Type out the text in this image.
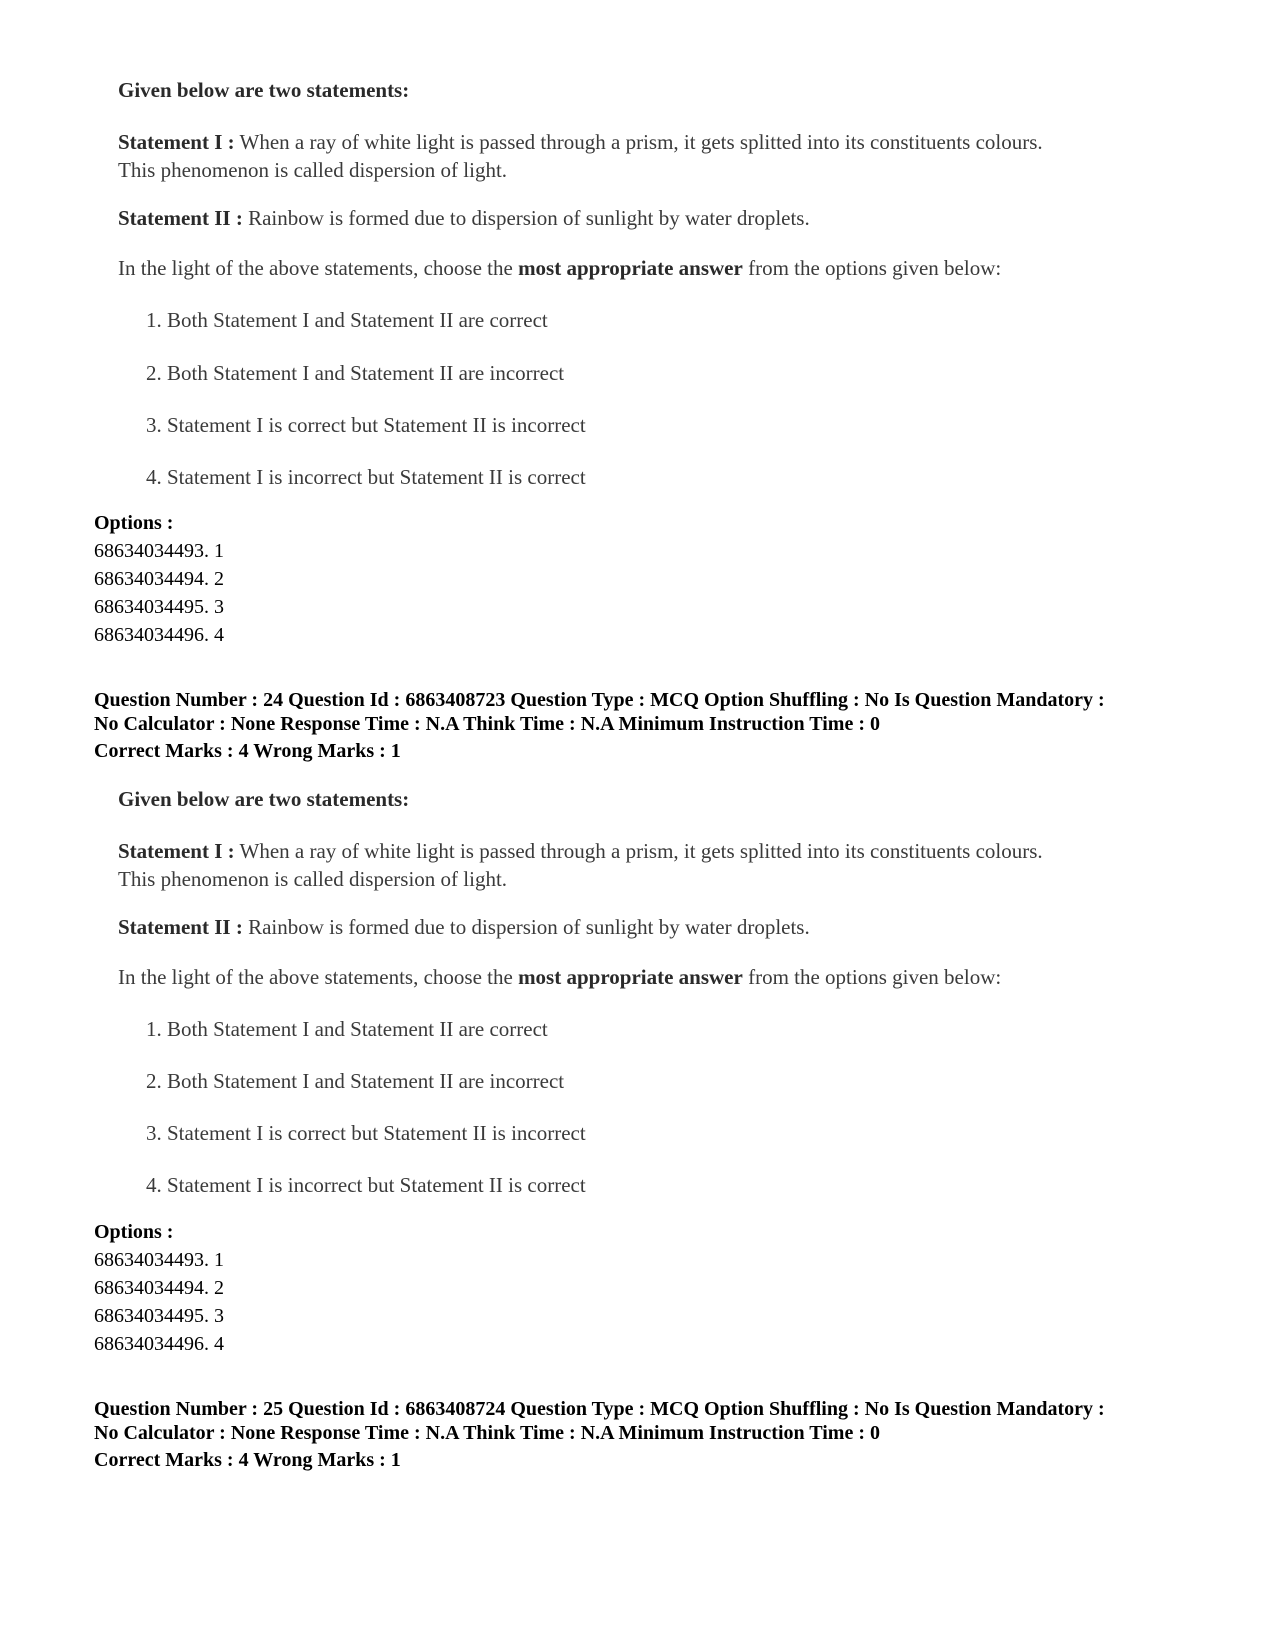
Given below are two statements:

Statement I : When a ray of white light is passed through a prism, it gets splitted into its constituents colours.
This phenomenon is called dispersion of light.

Statement II : Rainbow is formed due to dispersion of sunlight by water droplets.

In the light of the above statements, choose the most appropriate answer from the options given below:

1. Both Statement I and Statement II are correct

2. Both Statement I and Statement II are incorrect

3. Statement I is correct but Statement II is incorrect

4. Statement I is incorrect but Statement II is correct

Options :

68634034493. 1

68634034494. 2

68634034495. 3

68634034496. 4

Question Number : 24 Question Id : 6863408723 Question Type : MCQ Option Shuffling : No Is Question Mandatory :
No Calculator : None Response Time : N.A Think Time : N.A Minimum Instruction Time : 0

Correct Marks : 4 Wrong Marks : 1

Given below are two statements:

Statement I : When a ray of white light is passed through a prism, it gets splitted into its constituents colours.
This phenomenon is called dispersion of light.

Statement II : Rainbow is formed due to dispersion of sunlight by water droplets.

In the light of the above statements, choose the most appropriate answer from the options given below:

1. Both Statement I and Statement II are correct

2. Both Statement I and Statement II are incorrect

3. Statement I is correct but Statement II is incorrect

4. Statement I is incorrect but Statement II is correct

Options :

68634034493. 1

68634034494. 2

68634034495. 3

68634034496. 4

Question Number : 25 Question Id : 6863408724 Question Type : MCQ Option Shuffling : No Is Question Mandatory :
No Calculator : None Response Time : N.A Think Time : N.A Minimum Instruction Time : 0

Correct Marks : 4 Wrong Marks : 1
